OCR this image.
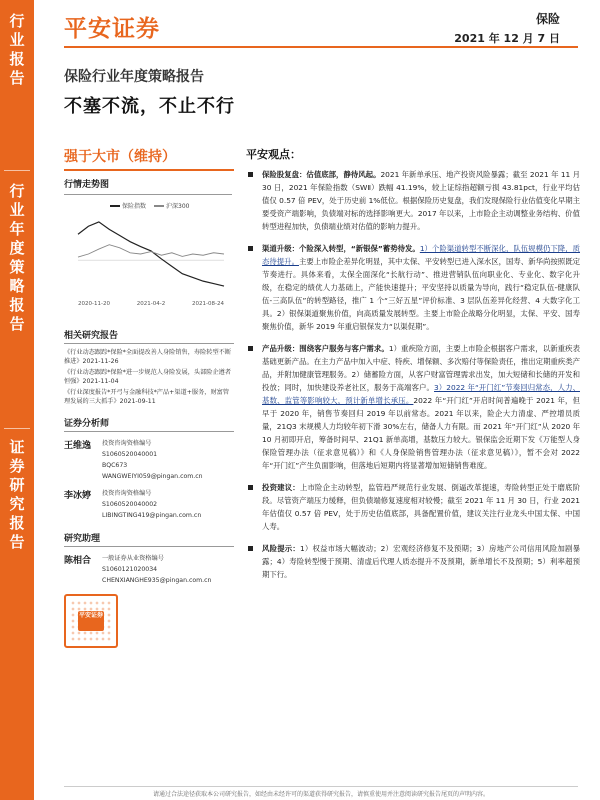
行
业
报
告
行
业
年
度
策
略
报
告
证
券
研
究
报
告
平安证券	保险
2021 年 12 月 7 日
保险行业年度策略报告
不塞不流，不止不行
强于大市（维持）
行情走势图
保险指数	沪深300
2020-11-20	2021-04-2	2021-08-24
相关研究报告
《行业动态跟踪*保险*全面提改善人身险销售，寿险转型不断推进》2021-11-26
《行业动态跟踪*保险*进一步规范人身险发展，头部险企遵者恒强》2021-11-04
《行业深度报告*开弓与金融科技*产品+渠道+服务，财富管理发展的三大抓手》2021-09-11
证券分析师
王维逸	投资咨询资格编号
S1060520040001
BQC673
WANGWEIYI059@pingan.com.cn
李冰婷	投资咨询资格编号
S1060520040002
LIBINGTING419@pingan.com.cn
研究助理
陈相合	一般证券从业资格编号
S1060121020034
CHENXIANGHE935@pingan.com.cn
平安证券
平安观点：
保险股复盘：估值底部，静待风起。2021 年新单承压、地产投资风险暴露；截至 2021 年 11 月 30 日，2021 年保险指数（SWⅡ）跌幅 41.19%，较上证综指超额亏损 43.81pct，行业平均估值仅 0.57 倍 PEV，处于历史前 1%低位。根据保险历史复盘，我们发现保险行业估值变化早期主要受资产端影响，负债端对标的选择影响更大。2017 年以来，上市险企主动调整业务结构、价值转型进程加快，负债端业绩对估值的影响力提升。
渠道升级：个险深入转型，“新银保”蓄势待发。1）个险渠道转型不断深化，队伍规模仍下降，质态待提升。主要上市险企差异化明显，其中太保、平安转型已进入深水区，国寿、新华尚按照既定节奏进行。具体来看，太保全面深化“长航行动”、推进营销队伍向职业化、专业化、数字化升级，在稳定的绩优人力基础上，产能快速提升；平安坚持以质量为导向，践行“稳定队伍-健康队伍-三高队伍”的转型路径，推广 1 个“三好五星”评价标准、3 层队伍差异化经营、4 大数字化工具。2）银保渠道聚焦价值，向高质量发展转型。主要上市险企战略分化明显，太保、平安、国寿聚焦价值，新华 2019 年重启银保发力“以渠促期”。
产品升级：围绕客户服务与客户需求。1）重疾险方面，主要上市险企根据客户需求，以新重疾表基础更新产品。在主力产品中加入中症、特疾、增保额、多次赔付等保险责任，推出定期重疾类产品，并附加健康管理服务。2）储蓄险方面，从客户财富管理需求出发，加大短储和长储的开发和投放；同时，加快建设养老社区，服务于高端客户。3）2022 年“开门红”节奏回归常态，人力、基数、监管等影响较大，预计新单增长承压。2022 年“开门红”开启时间普遍晚于 2021 年，但早于 2020 年，销售节奏回归 2019 年以前常态。2021 年以来，险企大力清虚、严控增员质量，21Q3 末规模人力均较年初下滑 30%左右，储备人力有限。而 2021 年“开门红”从 2020 年 10 月初即开启，筹备时间早、21Q1 新单高增，基数压力较大。银保监会近期下发《万能型人身保险管理办法（征求意见稿）》和《人身保险销售管理办法（征求意见稿）》，暂不会对 2022 年“开门红”产生负面影响，但落地后短期内将显著增加短储销售难度。
投资建议：上市险企主动转型，监管趋严规范行业发展、倒逼改革提速，寿险转型正处于磨底阶段。尽管资产端压力缓释，但负债端修复速度相对较慢；截至 2021 年 11 月 30 日，行业 2021 年估值仅 0.57 倍 PEV，处于历史估值底部，具备配置价值，建议关注行业龙头中国太保、中国人寿。
风险提示：1）权益市场大幅波动；2）宏观经济修复不及预期；3）房地产公司信用风险加剧暴露；4）寿险转型慢于预期、清虚后代理人质态提升不及预期，新单增长不及预期；5）利率超预期下行。
请通过合法途径获取本公司研究报告，如经由未经许可的渠道获得研究报告，请慎重使用并注意阅读研究报告尾页的声明内容。
